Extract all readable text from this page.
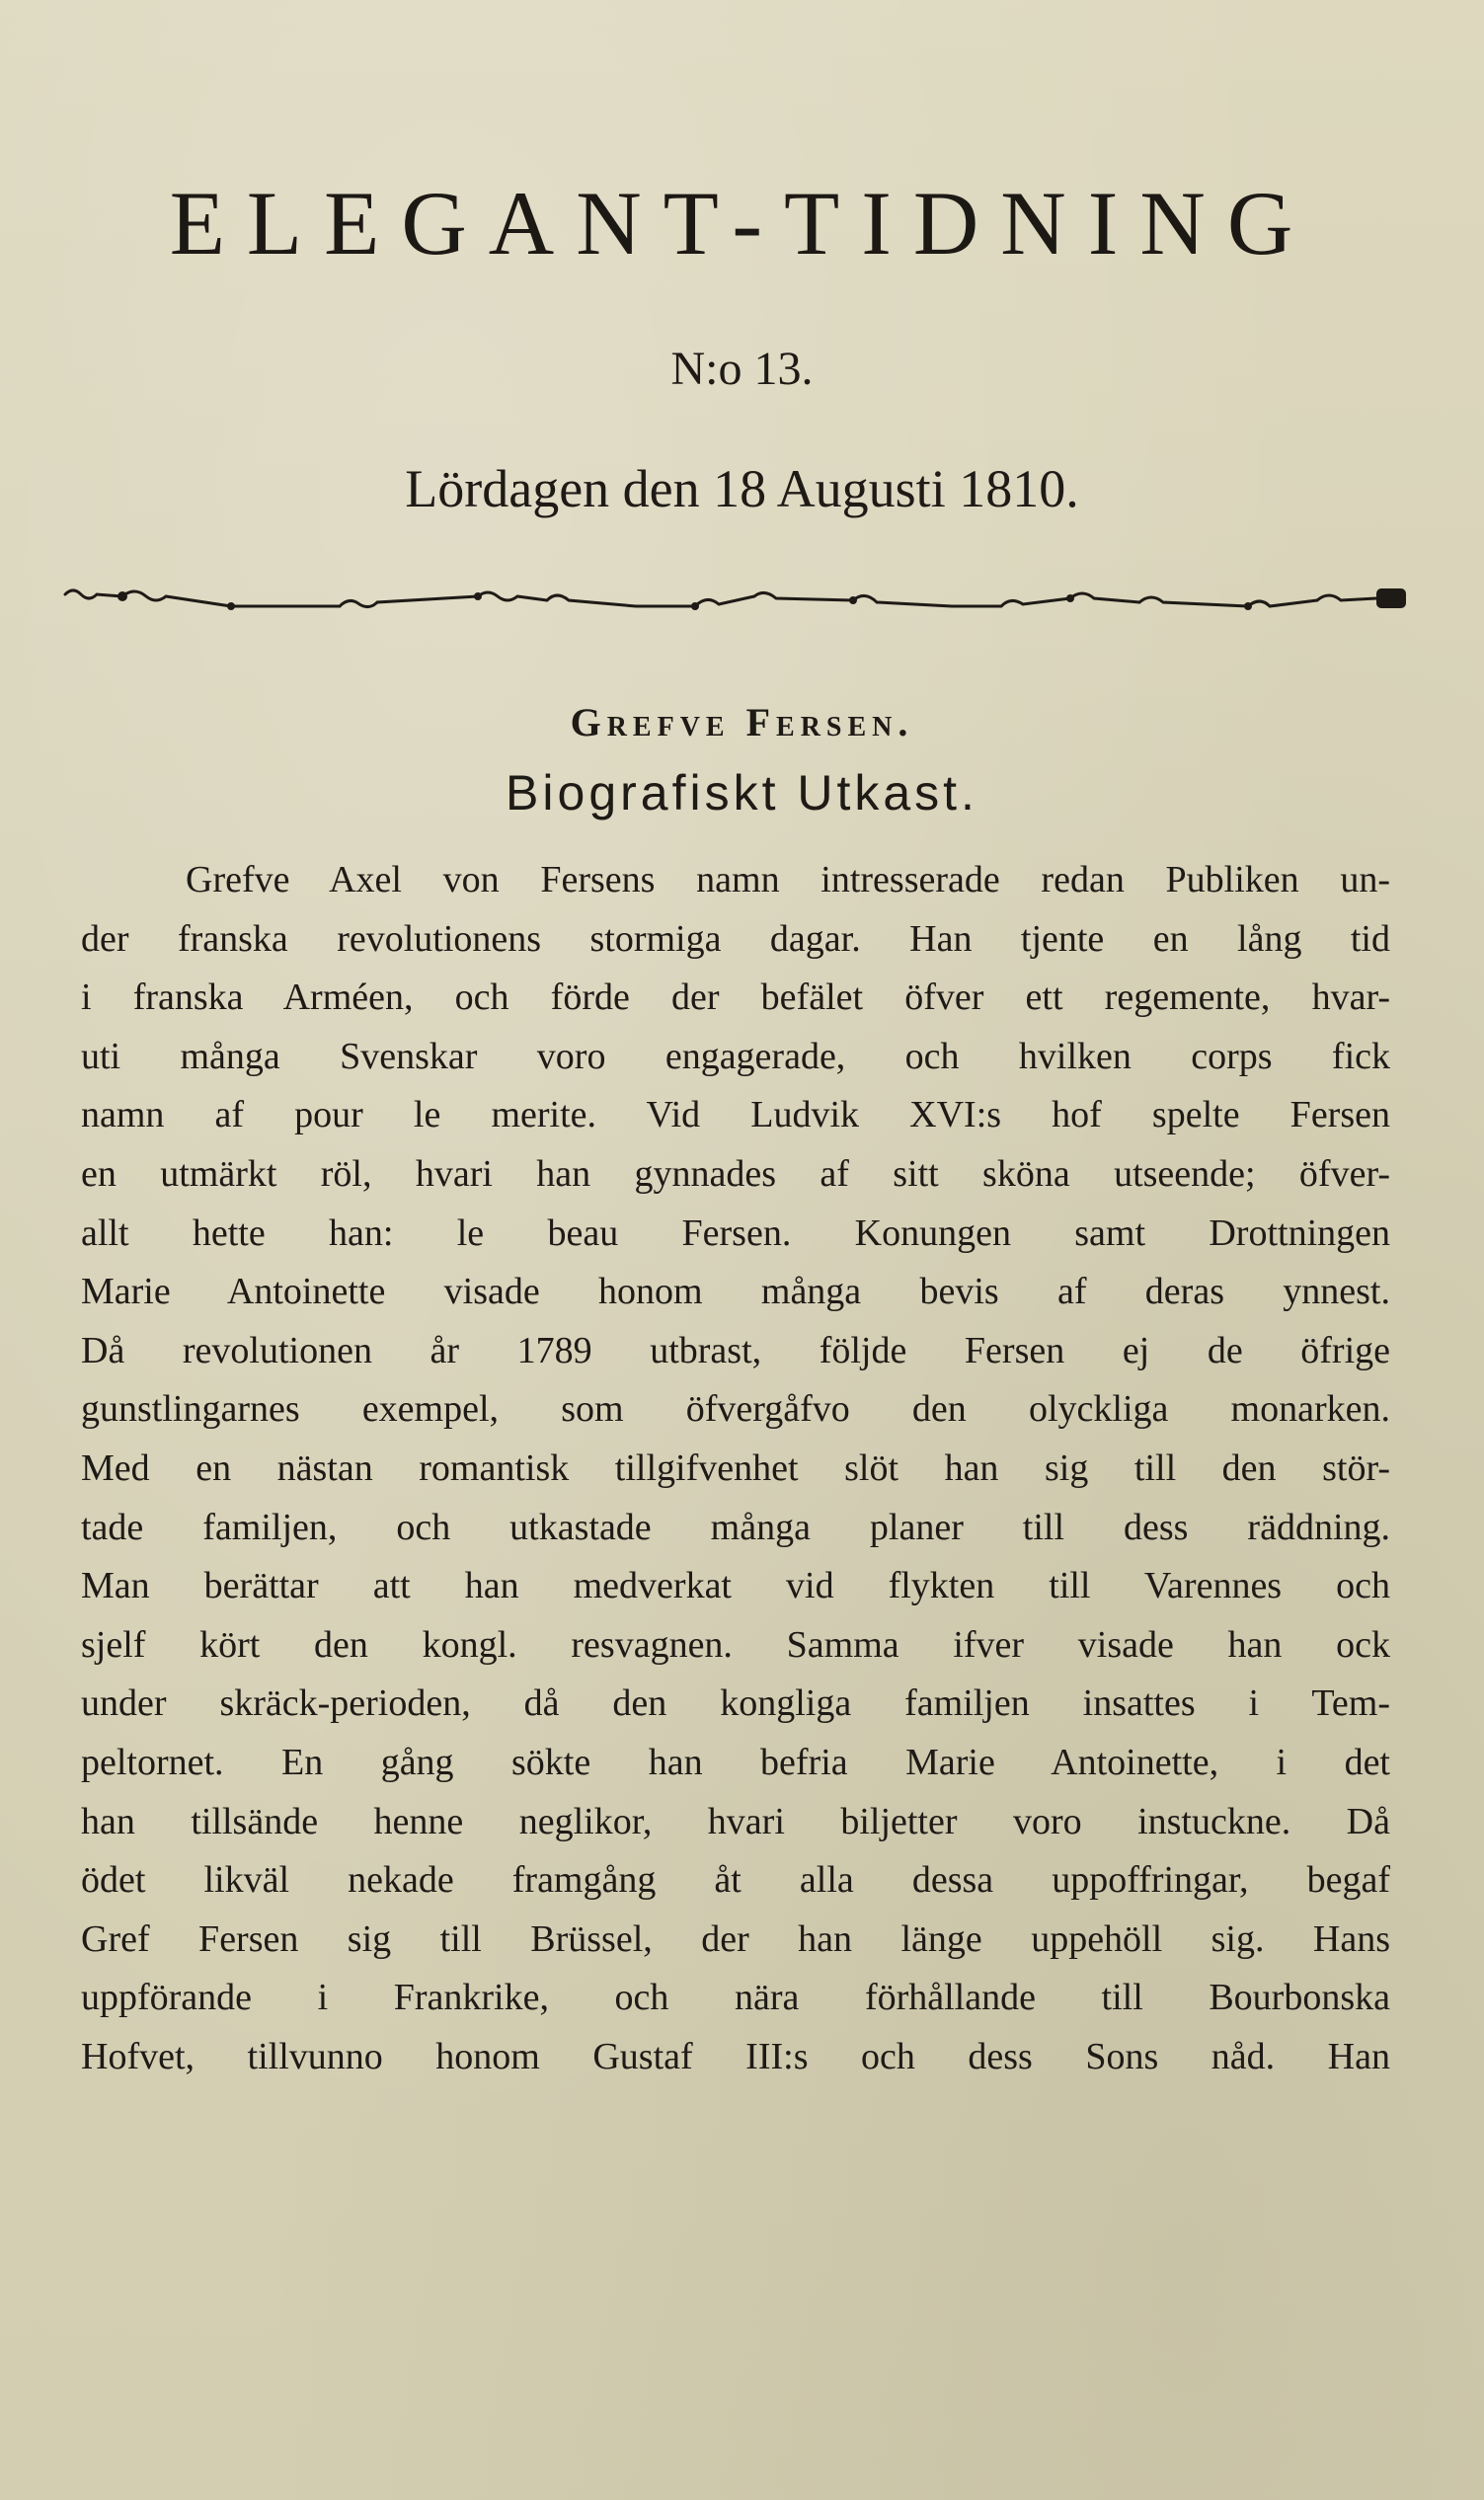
ELEGANT-TIDNING
N:o 13.
Lördagen den 18 Augusti 1810.
Grefve Fersen.
Biografiskt Utkast.
Grefve Axel von Fersens namn intresserade redan Publiken un-
der franska revolutionens stormiga dagar. Han tjente en lång tid
i franska Arméen, och förde der befälet öfver ett regemente, hvar-
uti många Svenskar voro engagerade, och hvilken corps fick
namn af pour le merite. Vid Ludvik XVI:s hof spelte Fersen
en utmärkt röl, hvari han gynnades af sitt sköna utseende; öfver-
allt hette han: le beau Fersen. Konungen samt Drottningen
Marie Antoinette visade honom många bevis af deras ynnest.
Då revolutionen år 1789 utbrast, följde Fersen ej de öfrige
gunstlingarnes exempel, som öfvergåfvo den olyckliga monarken.
Med en nästan romantisk tillgifvenhet slöt han sig till den stör-
tade familjen, och utkastade många planer till dess räddning.
Man berättar att han medverkat vid flykten till Varennes och
sjelf kört den kongl. resvagnen. Samma ifver visade han ock
under skräck-perioden, då den kongliga familjen insattes i Tem-
peltornet. En gång sökte han befria Marie Antoinette, i det
han tillsände henne neglikor, hvari biljetter voro instuckne. Då
ödet likväl nekade framgång åt alla dessa uppoffringar, begaf
Gref Fersen sig till Brüssel, der han länge uppehöll sig. Hans
uppförande i Frankrike, och nära förhållande till Bourbonska
Hofvet, tillvunno honom Gustaf III:s och dess Sons nåd. Han
